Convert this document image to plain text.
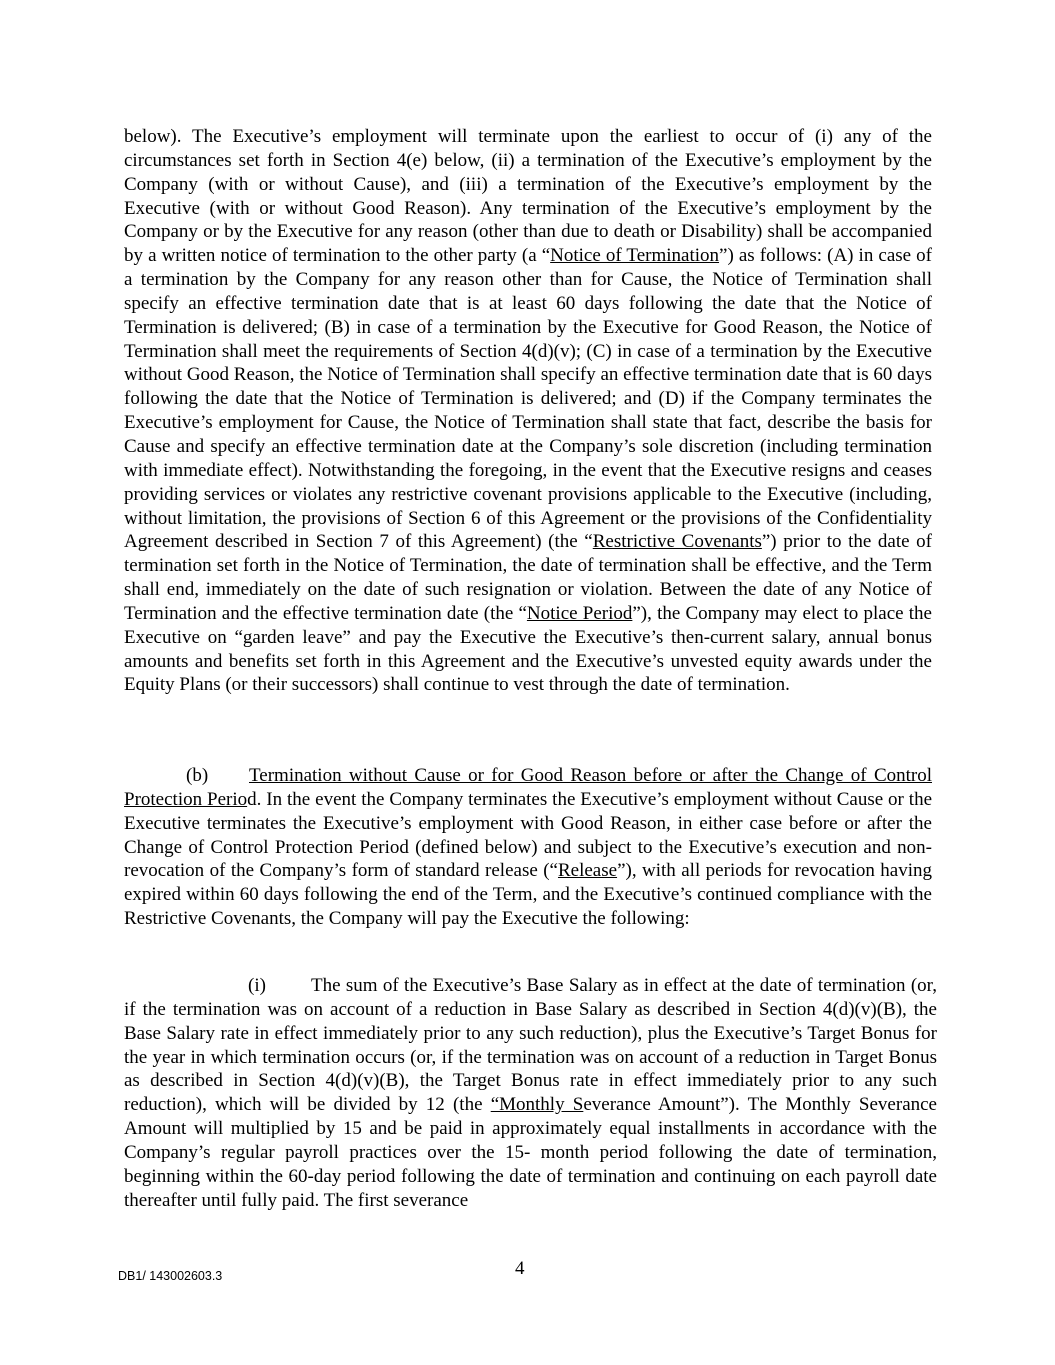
below). The Executive’s employment will terminate upon the earliest to occur of (i) any of the circumstances set forth in Section 4(e) below, (ii) a termination of the Executive’s employment by the Company (with or without Cause), and (iii) a termination of the Executive’s employment by the Executive (with or without Good Reason). Any termination of the Executive’s employment by the Company or by the Executive for any reason (other than due to death or Disability) shall be accompanied by a written notice of termination to the other party (a “Notice of Termination”) as follows: (A) in case of a termination by the Company for any reason other than for Cause, the Notice of Termination shall specify an effective termination date that is at least 60 days following the date that the Notice of Termination is delivered; (B) in case of a termination by the Executive for Good Reason, the Notice of Termination shall meet the requirements of Section 4(d)(v); (C) in case of a termination by the Executive without Good Reason, the Notice of Termination shall specify an effective termination date that is 60 days following the date that the Notice of Termination is delivered; and (D) if the Company terminates the Executive’s employment for Cause, the Notice of Termination shall state that fact, describe the basis for Cause and specify an effective termination date at the Company’s sole discretion (including termination with immediate effect). Notwithstanding the foregoing, in the event that the Executive resigns and ceases providing services or violates any restrictive covenant provisions applicable to the Executive (including, without limitation, the provisions of Section 6 of this Agreement or the provisions of the Confidentiality Agreement described in Section 7 of this Agreement) (the “Restrictive Covenants”) prior to the date of termination set forth in the Notice of Termination, the date of termination shall be effective, and the Term shall end, immediately on the date of such resignation or violation. Between the date of any Notice of Termination and the effective termination date (the “Notice Period”), the Company may elect to place the Executive on “garden leave” and pay the Executive the Executive’s then-current salary, annual bonus amounts and benefits set forth in this Agreement and the Executive’s unvested equity awards under the Equity Plans (or their successors) shall continue to vest through the date of termination.
(b) Termination without Cause or for Good Reason before or after the Change of Control Protection Period. In the event the Company terminates the Executive’s employment without Cause or the Executive terminates the Executive’s employment with Good Reason, in either case before or after the Change of Control Protection Period (defined below) and subject to the Executive’s execution and non-revocation of the Company’s form of standard release (“Release”), with all periods for revocation having expired within 60 days following the end of the Term, and the Executive’s continued compliance with the Restrictive Covenants, the Company will pay the Executive the following:
(i) The sum of the Executive’s Base Salary as in effect at the date of termination (or, if the termination was on account of a reduction in Base Salary as described in Section 4(d)(v)(B), the Base Salary rate in effect immediately prior to any such reduction), plus the Executive’s Target Bonus for the year in which termination occurs (or, if the termination was on account of a reduction in Target Bonus as described in Section 4(d)(v)(B), the Target Bonus rate in effect immediately prior to any such reduction), which will be divided by 12 (the “Monthly Severance Amount”). The Monthly Severance Amount will multiplied by 15 and be paid in approximately equal installments in accordance with the Company’s regular payroll practices over the 15- month period following the date of termination, beginning within the 60-day period following the date of termination and continuing on each payroll date thereafter until fully paid. The first severance
DB1/ 143002603.3	4
